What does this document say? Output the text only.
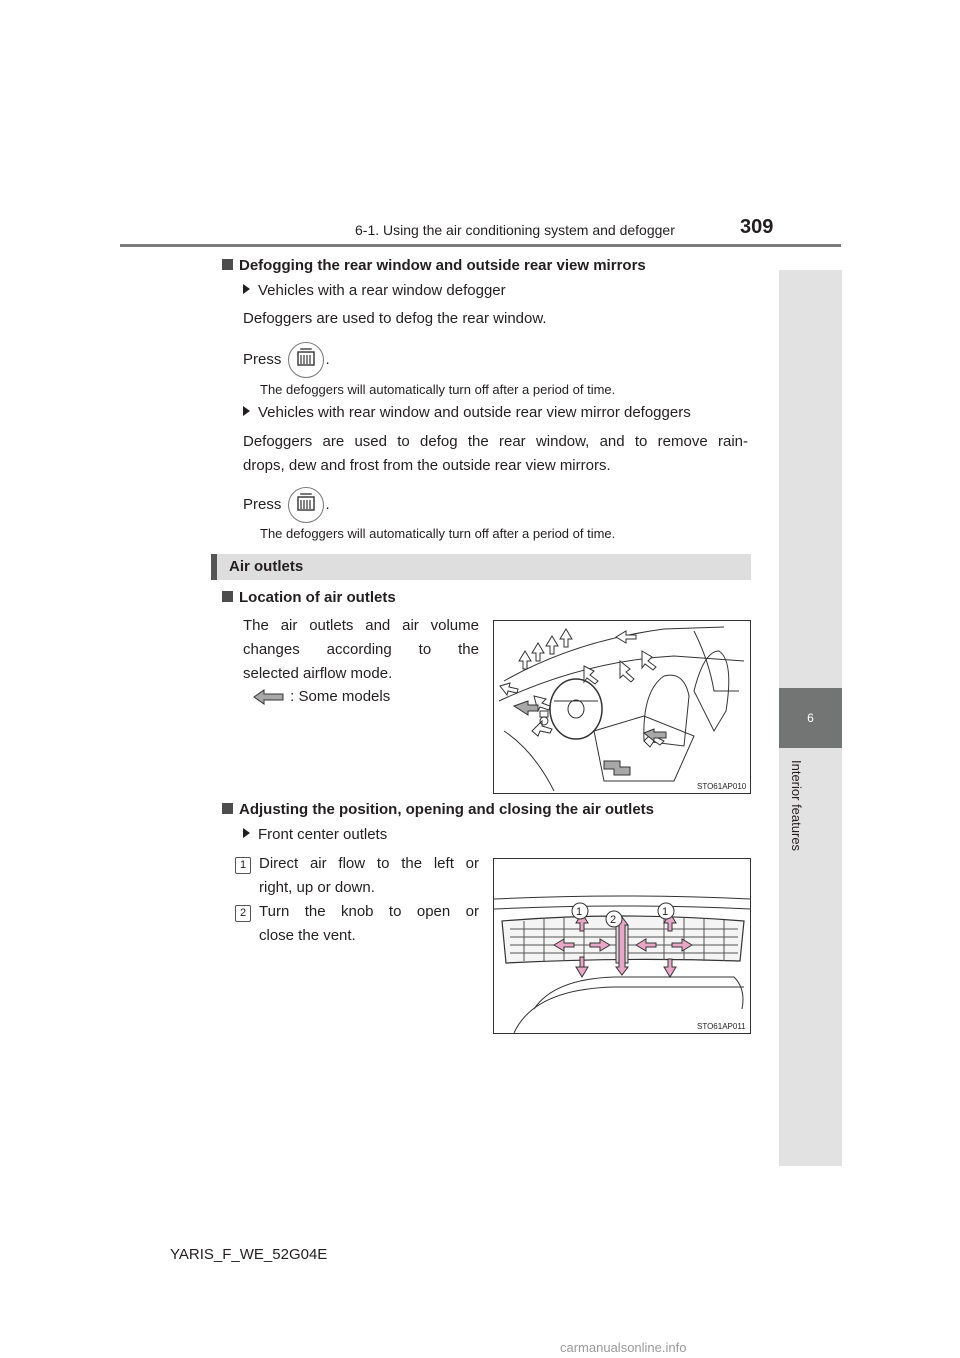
6-1. Using the air conditioning system and defogger	309
6
Interior features
Defogging the rear window and outside rear view mirrors
Vehicles with a rear window defogger
Defoggers are used to defog the rear window.
Press	.
The defoggers will automatically turn off after a period of time.
Vehicles with rear window and outside rear view mirror defoggers
Defoggers are used to defog the rear window, and to remove rain-
drops, dew and frost from the outside rear view mirrors.
Press	.
The defoggers will automatically turn off after a period of time.
Air outlets
Location of air outlets
The air outlets and air volume
changes according to the
selected airflow mode.
: Some models
STO61AP010
Adjusting the position, opening and closing the air outlets
Front center outlets
1 Direct air flow to the left or
right, up or down.
2 Turn the knob to open or
close the vent.
1
2
1
STO61AP011
YARIS_F_WE_52G04E
carmanualsonline.info
